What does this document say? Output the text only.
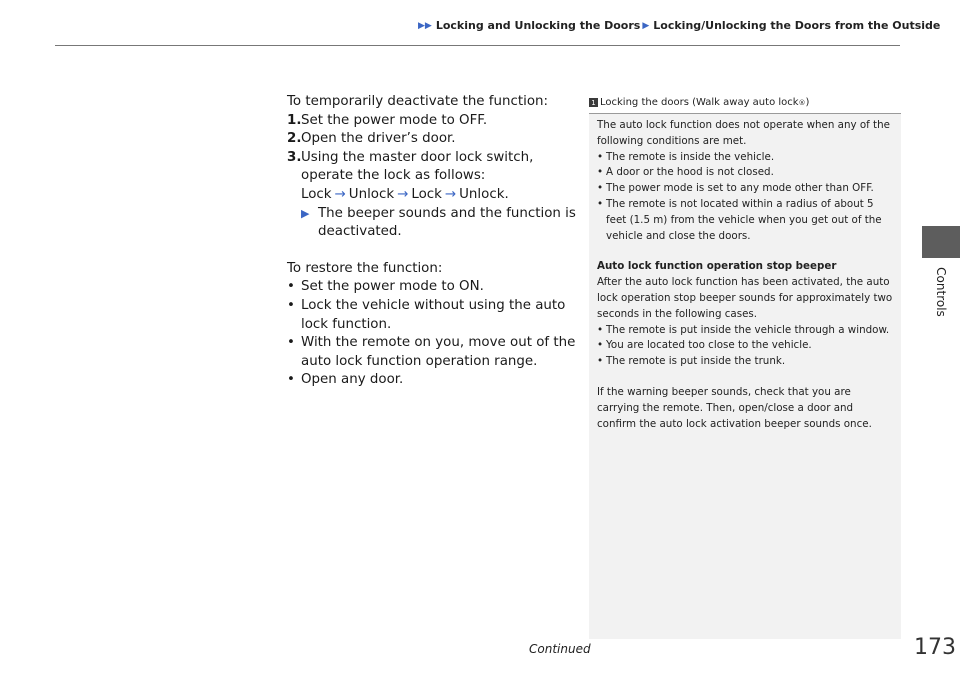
▶▶ Locking and Unlocking the Doors ▶ Locking/Unlocking the Doors from the Outside
Controls

To temporarily deactivate the function:

1. Set the power mode to OFF.
2. Open the driver’s door.
3. Using the master door lock switch, operate the lock as follows:
Lock → Unlock → Lock → Unlock.
▶ The beeper sounds and the function is deactivated.

To restore the function:

• Set the power mode to ON.
• Lock the vehicle without using the auto lock function.
• With the remote on you, move out of the auto lock function operation range.
• Open any door.
1 Locking the doors (Walk away auto lock ® )

The auto lock function does not operate when any of the following conditions are met.

• The remote is inside the vehicle.
• A door or the hood is not closed.
• The power mode is set to any mode other than OFF.
• The remote is not located within a radius of about 5 feet (1.5 m) from the vehicle when you get out of the vehicle and close the doors.

Auto lock function operation stop beeper

After the auto lock function has been activated, the auto lock operation stop beeper sounds for approximately two seconds in the following cases.

• The remote is put inside the vehicle through a window.
• You are located too close to the vehicle.
• The remote is put inside the trunk.

If the warning beeper sounds, check that you are carrying the remote. Then, open/close a door and confirm the auto lock activation beeper sounds once.

Continued	173
